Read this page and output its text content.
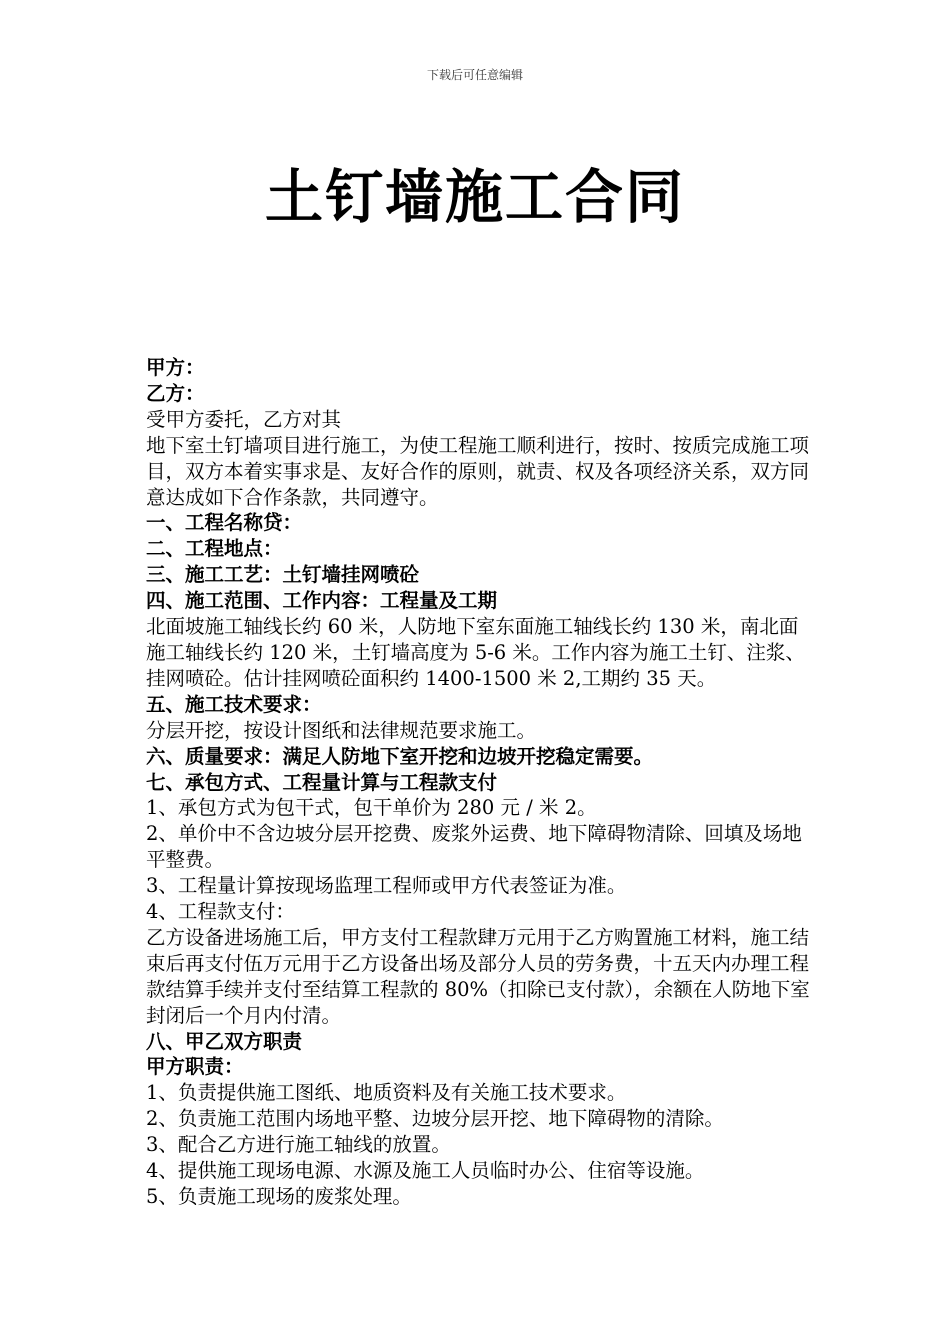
下载后可任意编辑
土钉墙施工合同
甲方：
乙方：
受甲方委托，乙方对其
地下室土钉墙项目进行施工，为使工程施工顺利进行，按时、按质完成施工项目，双方本着实事求是、友好合作的原则，就责、权及各项经济关系，双方同意达成如下合作条款，共同遵守。
一、工程名称贷：
二、工程地点：
三、施工工艺：土钉墙挂网喷砼
四、施工范围、工作内容：工程量及工期
北面坡施工轴线长约 60 米，人防地下室东面施工轴线长约 130 米，南北面施工轴线长约 120 米，土钉墙高度为 5-6 米。工作内容为施工土钉、注浆、挂网喷砼。估计挂网喷砼面积约 1400-1500 米 2,工期约 35 天。
五、施工技术要求：
分层开挖，按设计图纸和法律规范要求施工。
六、质量要求：满足人防地下室开挖和边坡开挖稳定需要。
七、承包方式、工程量计算与工程款支付
1、承包方式为包干式，包干单价为 280 元 / 米 2。
2、单价中不含边坡分层开挖费、废浆外运费、地下障碍物清除、回填及场地平整费。
3、工程量计算按现场监理工程师或甲方代表签证为准。
4、工程款支付：
乙方设备进场施工后，甲方支付工程款肆万元用于乙方购置施工材料，施工结束后再支付伍万元用于乙方设备出场及部分人员的劳务费，十五天内办理工程款结算手续并支付至结算工程款的 80%（扣除已支付款），余额在人防地下室封闭后一个月内付清。
八、甲乙双方职责
甲方职责：
1、负责提供施工图纸、地质资料及有关施工技术要求。
2、负责施工范围内场地平整、边坡分层开挖、地下障碍物的清除。
3、配合乙方进行施工轴线的放置。
4、提供施工现场电源、水源及施工人员临时办公、住宿等设施。
5、负责施工现场的废浆处理。
